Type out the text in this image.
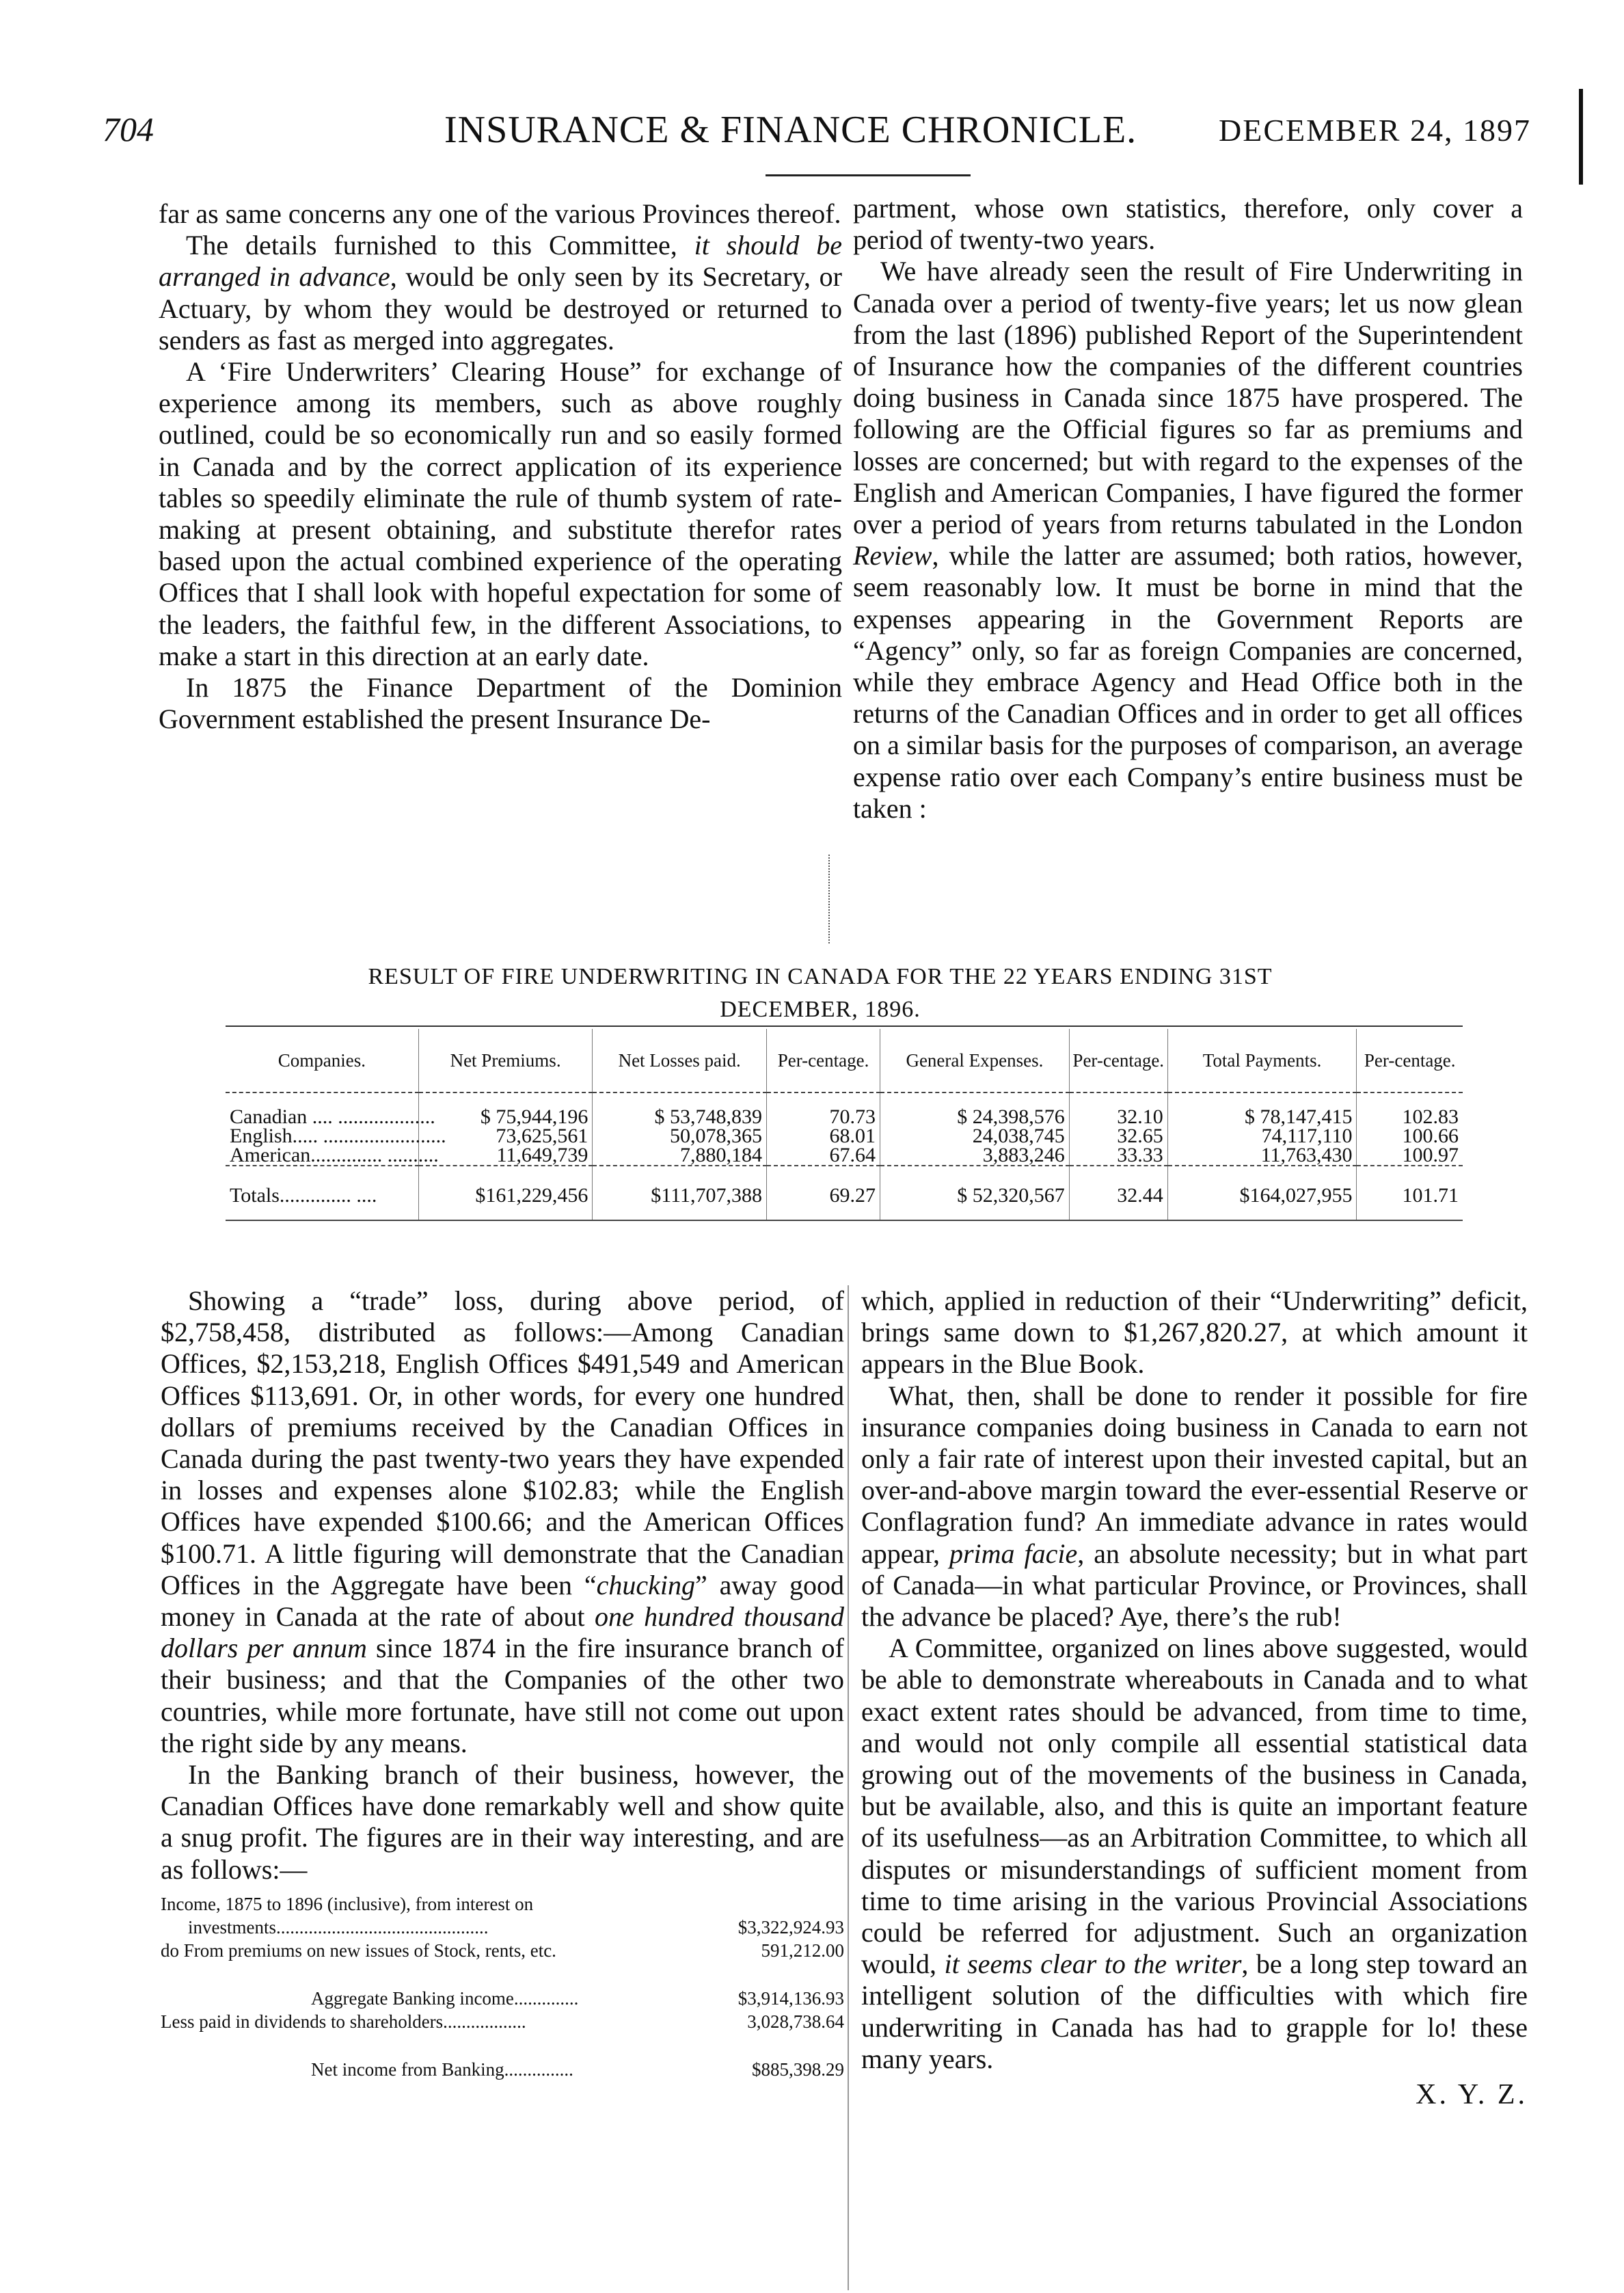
704	INSURANCE & FINANCE CHRONICLE.	DECEMBER 24, 1897

far as same concerns any one of the various Provinces thereof.

The details furnished to this Committee, it should be arranged in advance, would be only seen by its Secretary, or Actuary, by whom they would be destroyed or returned to senders as fast as merged into aggregates.

A ‘Fire Underwriters’ Clearing House” for exchange of experience among its members, such as above roughly outlined, could be so economically run and so easily formed in Canada and by the correct application of its experience tables so speedily eliminate the rule of thumb system of rate-making at present obtaining, and substitute therefor rates based upon the actual combined experience of the operating Offices that I shall look with hopeful expectation for some of the leaders, the faithful few, in the different Associations, to make a start in this direction at an early date.

In 1875 the Finance Department of the Dominion Government established the present Insurance De-

partment, whose own statistics, therefore, only cover a period of twenty-two years.

We have already seen the result of Fire Underwriting in Canada over a period of twenty-five years; let us now glean from the last (1896) published Report of the Superintendent of Insurance how the companies of the different countries doing business in Canada since 1875 have prospered. The following are the Official figures so far as premiums and losses are concerned; but with regard to the expenses of the English and American Companies, I have figured the former over a period of years from returns tabulated in the London Review, while the latter are assumed; both ratios, however, seem reasonably low. It must be borne in mind that the expenses appearing in the Government Reports are “Agency” only, so far as foreign Companies are concerned, while they embrace Agency and Head Office both in the returns of the Canadian Offices and in order to get all offices on a similar basis for the purposes of comparison, an average expense ratio over each Company’s entire business must be taken :

RESULT OF FIRE UNDERWRITING IN CANADA FOR THE 22 YEARS ENDING 31ST
DECEMBER, 1896.
Companies.	Net Premiums.	Net Losses paid.	Per-centage.	General Expenses.	Per-centage.	Total Payments.	Per-centage.
Canadian .... ...................	$ 75,944,196	$ 53,748,839	70.73	$ 24,398,576	32.10	$ 78,147,415	102.83
English..... ........................	73,625,561	50,078,365	68.01	24,038,745	32.65	74,117,110	100.66
American.............. ..........	11,649,739	7,880,184	67.64	3,883,246	33.33	11,763,430	100.97
Totals.............. ....	$161,229,456	$111,707,388	69.27	$ 52,320,567	32.44	$164,027,955	101.71

Showing a “trade” loss, during above period, of $2,758,458, distributed as follows:—Among Canadian Offices, $2,153,218, English Offices $491,549 and American Offices $113,691. Or, in other words, for every one hundred dollars of premiums received by the Canadian Offices in Canada during the past twenty-two years they have expended in losses and expenses alone $102.83; while the English Offices have expended $100.66; and the American Offices $100.71. A little figuring will demonstrate that the Canadian Offices in the Aggregate have been “chucking” away good money in Canada at the rate of about one hundred thousand dollars per annum since 1874 in the fire insurance branch of their business; and that the Companies of the other two countries, while more fortunate, have still not come out upon the right side by any means.

In the Banking branch of their business, however, the Canadian Offices have done remarkably well and show quite a snug profit. The figures are in their way interesting, and are as follows:—

Income, 1875 to 1896 (inclusive), from interest on
investments..............................................	$3,322,924.93
do From premiums on new issues of Stock, rents, etc.	591,212.00
Aggregate Banking income..............	$3,914,136.93
Less paid in dividends to shareholders..................	3,028,738.64
Net income from Banking...............	$885,398.29

which, applied in reduction of their “Underwriting” deficit, brings same down to $1,267,820.27, at which amount it appears in the Blue Book.

What, then, shall be done to render it possible for fire insurance companies doing business in Canada to earn not only a fair rate of interest upon their invested capital, but an over-and-above margin toward the ever-essential Reserve or Conflagration fund? An immediate advance in rates would appear, prima facie, an absolute necessity; but in what part of Canada—in what particular Province, or Provinces, shall the advance be placed? Aye, there’s the rub!

A Committee, organized on lines above suggested, would be able to demonstrate whereabouts in Canada and to what exact extent rates should be advanced, from time to time, and would not only compile all essential statistical data growing out of the movements of the business in Canada, but be available, also, and this is quite an important feature of its usefulness—as an Arbitration Committee, to which all disputes or misunderstandings of sufficient moment from time to time arising in the various Provincial Associations could be referred for adjustment. Such an organization would, it seems clear to the writer, be a long step toward an intelligent solution of the difficulties with which fire underwriting in Canada has had to grapple for lo! these many years.

X. Y. Z.
